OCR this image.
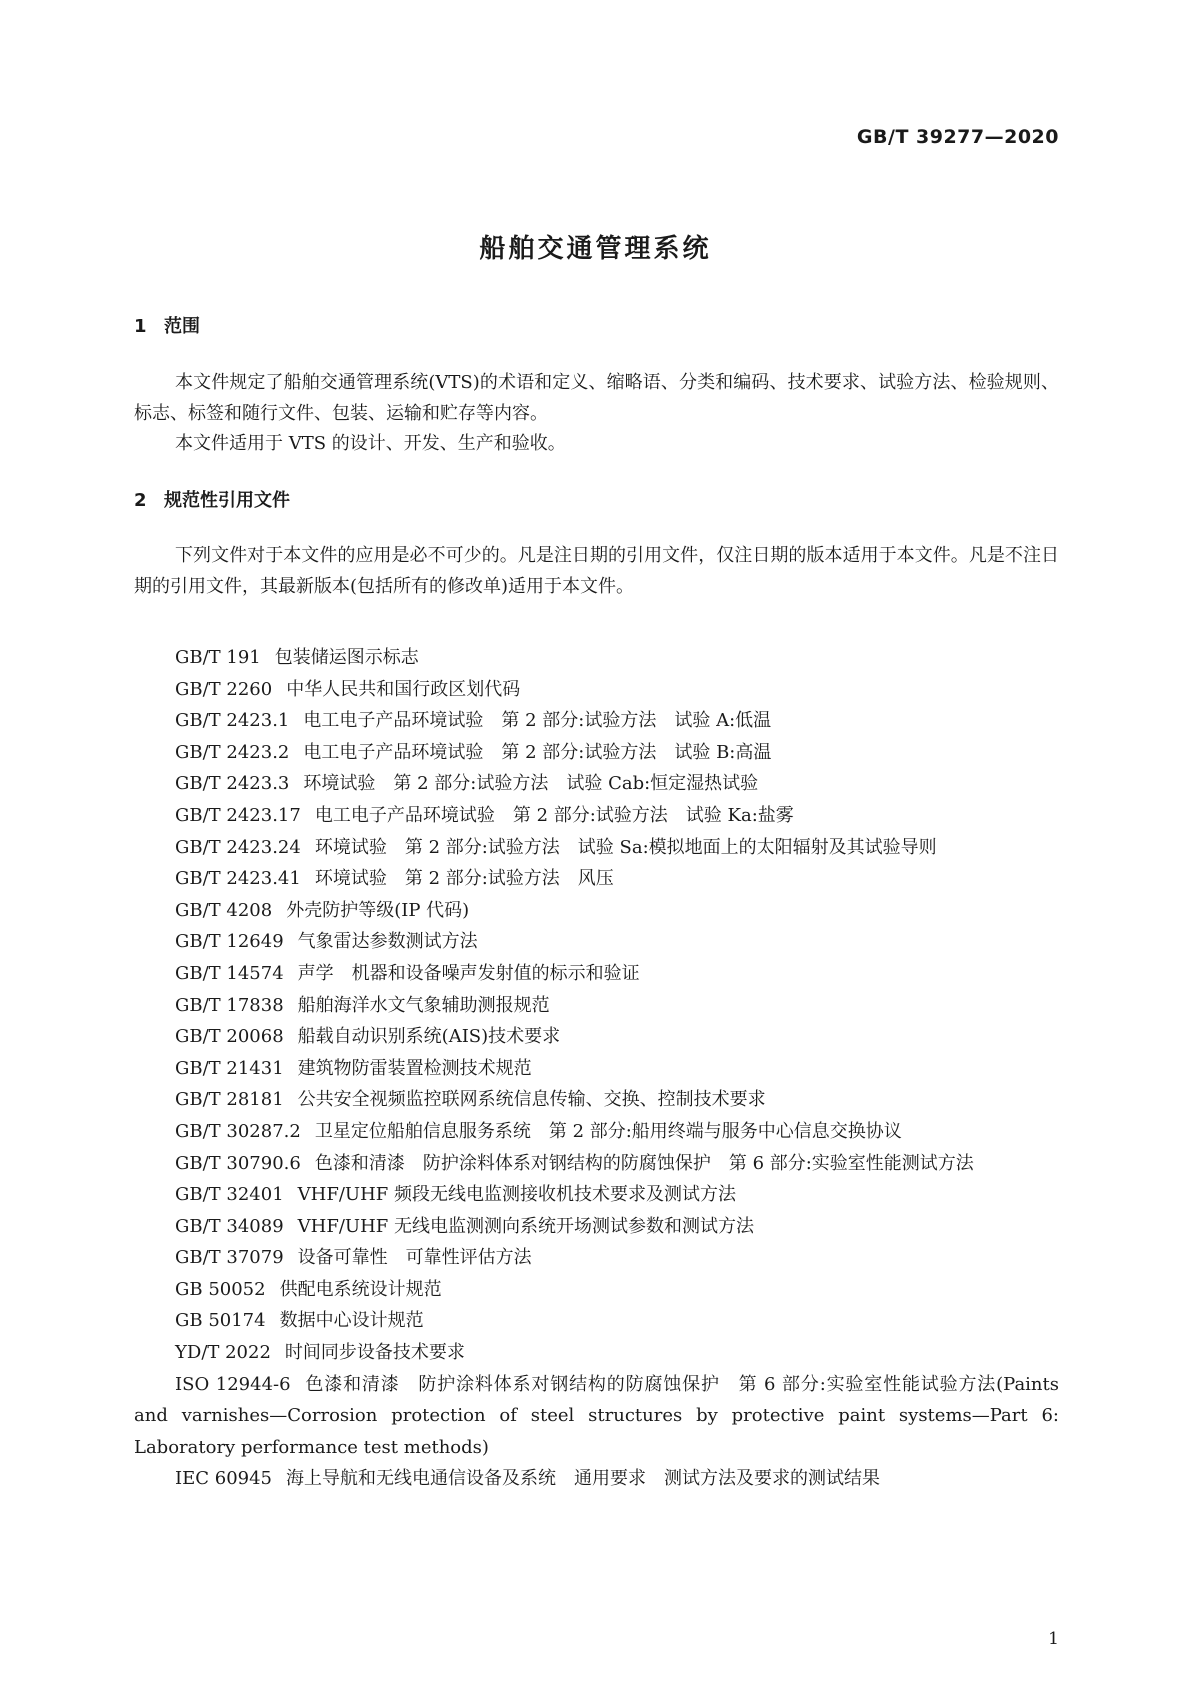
GB/T 39277—2020
船舶交通管理系统
1 范围
本文件规定了船舶交通管理系统(VTS)的术语和定义、缩略语、分类和编码、技术要求、试验方法、检验规则、标志、标签和随行文件、包装、运输和贮存等内容。
本文件适用于 VTS 的设计、开发、生产和验收。
2 规范性引用文件
下列文件对于本文件的应用是必不可少的。凡是注日期的引用文件，仅注日期的版本适用于本文件。凡是不注日期的引用文件，其最新版本(包括所有的修改单)适用于本文件。
GB/T 191 包装储运图示标志
GB/T 2260 中华人民共和国行政区划代码
GB/T 2423.1 电工电子产品环境试验　第 2 部分:试验方法　试验 A:低温
GB/T 2423.2 电工电子产品环境试验　第 2 部分:试验方法　试验 B:高温
GB/T 2423.3 环境试验　第 2 部分:试验方法　试验 Cab:恒定湿热试验
GB/T 2423.17 电工电子产品环境试验　第 2 部分:试验方法　试验 Ka:盐雾
GB/T 2423.24 环境试验　第 2 部分:试验方法　试验 Sa:模拟地面上的太阳辐射及其试验导则
GB/T 2423.41 环境试验　第 2 部分:试验方法　风压
GB/T 4208 外壳防护等级(IP 代码)
GB/T 12649 气象雷达参数测试方法
GB/T 14574 声学　机器和设备噪声发射值的标示和验证
GB/T 17838 船舶海洋水文气象辅助测报规范
GB/T 20068 船载自动识别系统(AIS)技术要求
GB/T 21431 建筑物防雷装置检测技术规范
GB/T 28181 公共安全视频监控联网系统信息传输、交换、控制技术要求
GB/T 30287.2 卫星定位船舶信息服务系统　第 2 部分:船用终端与服务中心信息交换协议
GB/T 30790.6 色漆和清漆　防护涂料体系对钢结构的防腐蚀保护　第 6 部分:实验室性能测试方法
GB/T 32401 VHF/UHF 频段无线电监测接收机技术要求及测试方法
GB/T 34089 VHF/UHF 无线电监测测向系统开场测试参数和测试方法
GB/T 37079 设备可靠性　可靠性评估方法
GB 50052 供配电系统设计规范
GB 50174 数据中心设计规范
YD/T 2022 时间同步设备技术要求
ISO 12944-6 色漆和清漆　防护涂料体系对钢结构的防腐蚀保护　第 6 部分:实验室性能试验方法(Paints and varnishes—Corrosion protection of steel structures by protective paint systems—Part 6: Laboratory performance test methods)
IEC 60945 海上导航和无线电通信设备及系统　通用要求　测试方法及要求的测试结果
1
